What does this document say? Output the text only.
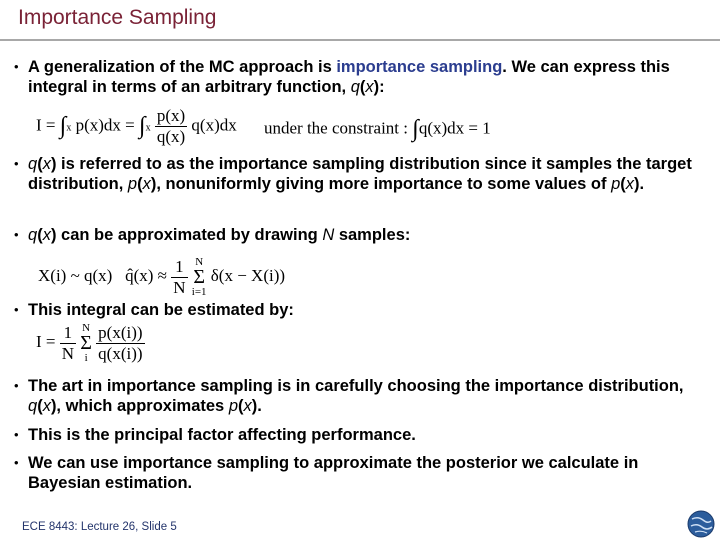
Importance Sampling
• A generalization of the MC approach is importance sampling. We can express this integral in terms of an arbitrary function, q(x):
I = ∫x $p(x)dx = \int x \frac{p(x)}{q(x)} q(x)dx$ under the constraint : ∫q(x)dx = 1
• q(x) is referred to as the importance sampling distribution since it samples the target distribution, p(x), nonuniformly giving more importance to some values of p(x).
• q(x) can be approximated by drawing N samples:
X(i) ~ q(x) q̂(x) ≈ $\frac{1}{N}$ N
Σ
i=1 δ(x − X(i))
• This integral can be estimated by:
$I = \frac{1}{N}$ N
Σ
i $\frac{p(x(i))}{q(x(i))}$
• The art in importance sampling is in carefully choosing the importance distribution, q(x), which approximates p(x).
• This is the principal factor affecting performance.
• We can use importance sampling to approximate the posterior we calculate in Bayesian estimation.
ECE 8443: Lecture 26, Slide 5
